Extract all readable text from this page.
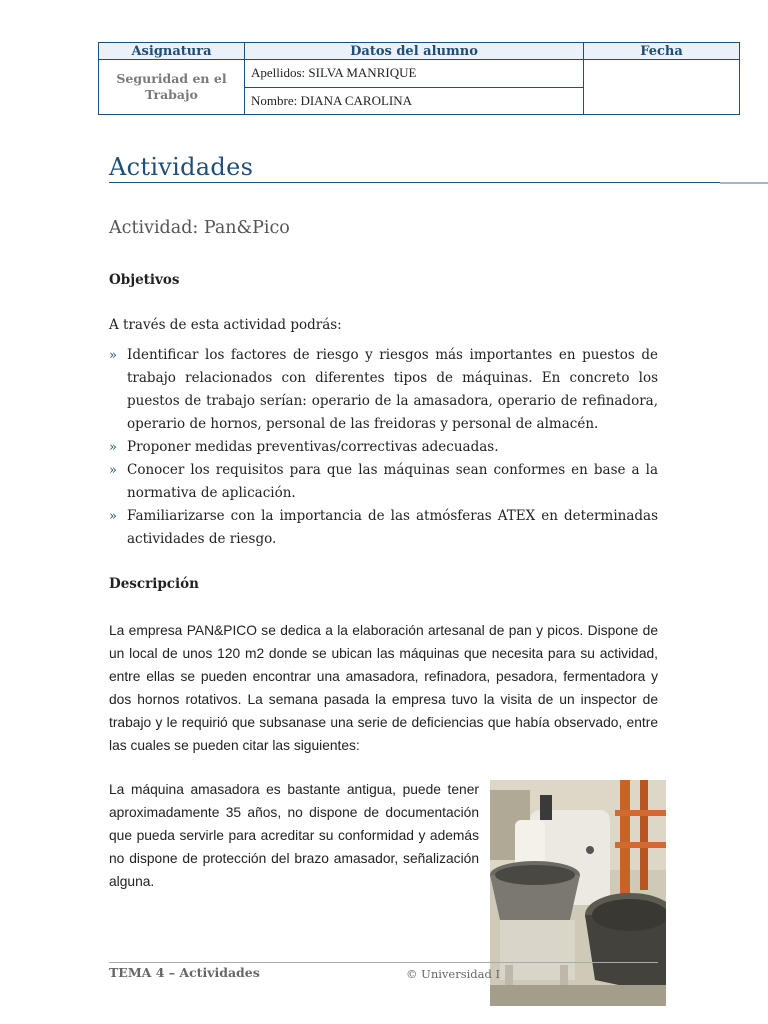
Asignatura	Datos del alumno	Fecha

Seguridad en el
Trabajo	Apellidos: SILVA MANRIQUE	
	Nombre: DIANA CAROLINA	
Actividades
Actividad: Pan&Pico
Objetivos

A través de esta actividad podrás:

» Identificar los factores de riesgo y riesgos más importantes en puestos de trabajo relacionados con diferentes tipos de máquinas. En concreto los puestos de trabajo serían: operario de la amasadora, operario de refinadora, operario de hornos, personal de las freidoras y personal de almacén.
» Proponer medidas preventivas/correctivas adecuadas.
» Conocer los requisitos para que las máquinas sean conformes en base a la normativa de aplicación.
» Familiarizarse con la importancia de las atmósferas ATEX en determinadas actividades de riesgo.
Descripción

La empresa PAN&PICO se dedica a la elaboración artesanal de pan y picos. Dispone de un local de unos 120 m2 donde se ubican las máquinas que necesita para su actividad, entre ellas se pueden encontrar una amasadora, refinadora, pesadora, fermentadora y dos hornos rotativos. La semana pasada la empresa tuvo la visita de un inspector de trabajo y le requirió que subsanase una serie de deficiencias que había observado, entre las cuales se pueden citar las siguientes:

La máquina amasadora es bastante antigua, puede tener aproximadamente 35 años, no dispone de documentación que pueda servirle para acreditar su conformidad y además no dispone de protección del brazo amasador, señalización alguna.

TEMA 4 – Actividades	© Universidad I
